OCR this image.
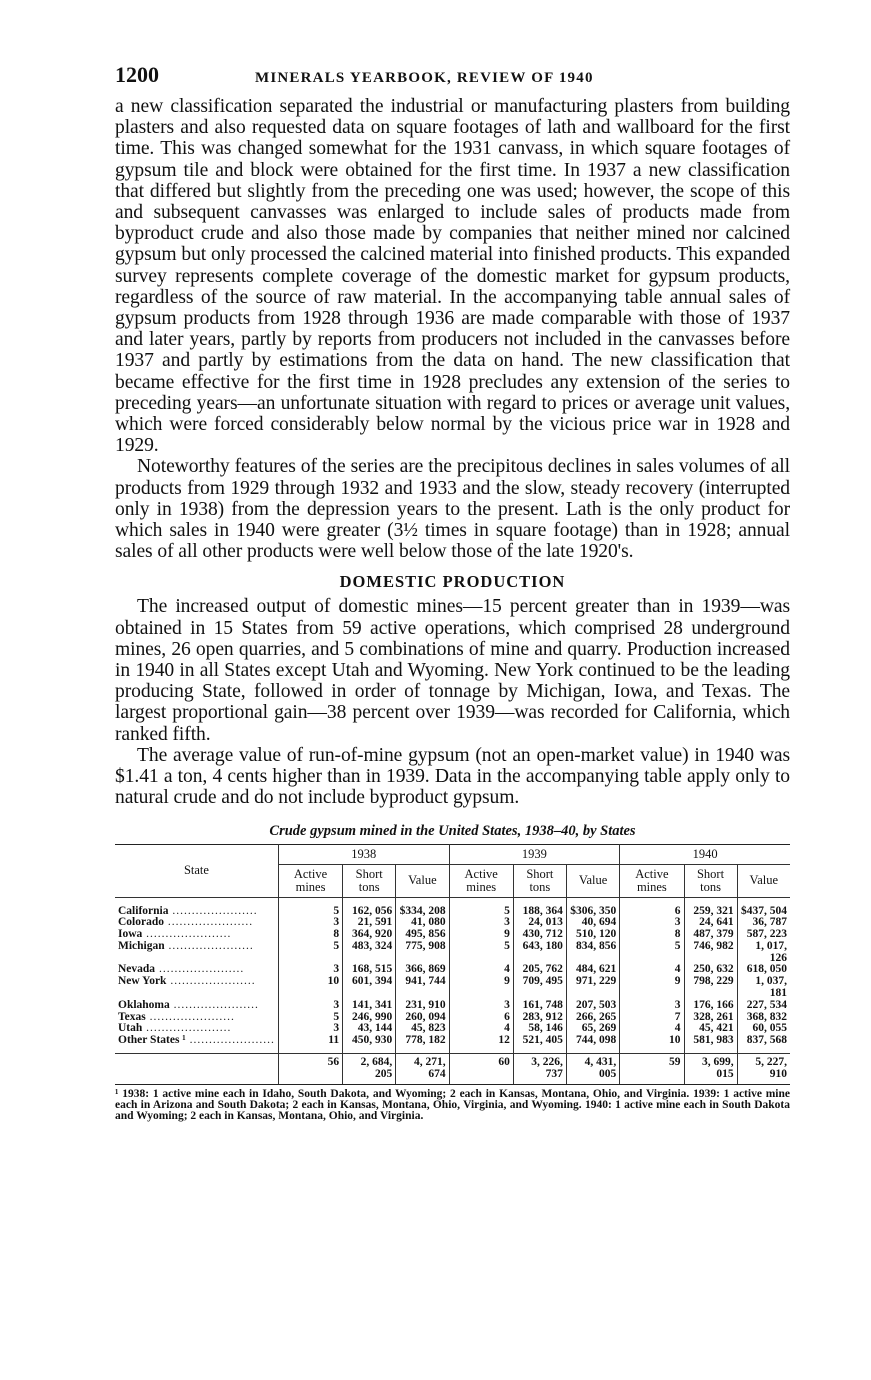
1200	MINERALS YEARBOOK, REVIEW OF 1940

a new classification separated the industrial or manufacturing plasters from building plasters and also requested data on square footages of lath and wallboard for the first time. This was changed somewhat for the 1931 canvass, in which square footages of gypsum tile and block were obtained for the first time. In 1937 a new classification that differed but slightly from the preceding one was used; however, the scope of this and subsequent canvasses was enlarged to include sales of products made from byproduct crude and also those made by companies that neither mined nor calcined gypsum but only processed the calcined material into finished products. This expanded survey represents complete coverage of the domestic market for gypsum products, regardless of the source of raw material. In the accompanying table annual sales of gypsum products from 1928 through 1936 are made comparable with those of 1937 and later years, partly by reports from producers not included in the canvasses before 1937 and partly by estimations from the data on hand. The new classification that became effective for the first time in 1928 precludes any extension of the series to preceding years—an unfortunate situation with regard to prices or average unit values, which were forced considerably below normal by the vicious price war in 1928 and 1929.

Noteworthy features of the series are the precipitous declines in sales volumes of all products from 1929 through 1932 and 1933 and the slow, steady recovery (interrupted only in 1938) from the depression years to the present. Lath is the only product for which sales in 1940 were greater (3½ times in square footage) than in 1928; annual sales of all other products were well below those of the late 1920's.

DOMESTIC PRODUCTION

The increased output of domestic mines—15 percent greater than in 1939—was obtained in 15 States from 59 active operations, which comprised 28 underground mines, 26 open quarries, and 5 combinations of mine and quarry. Production increased in 1940 in all States except Utah and Wyoming. New York continued to be the leading producing State, followed in order of tonnage by Michigan, Iowa, and Texas. The largest proportional gain—38 percent over 1939—was recorded for California, which ranked fifth.

The average value of run-of-mine gypsum (not an open-market value) in 1940 was $1.41 a ton, 4 cents higher than in 1939. Data in the accompanying table apply only to natural crude and do not include byproduct gypsum.

Crude gypsum mined in the United States, 1938–40, by States
State	1938			1939			1940		
	Active mines	Short tons	Value	Active mines	Short tons	Value	Active mines	Short tons	Value
California .....	5	162, 056	$334, 208	5	188, 364	$306, 350	6	259, 321	$437, 504
Colorado .....	3	21, 591	41, 080	3	24, 013	40, 694	3	24, 641	36, 787
Iowa .....	8	364, 920	495, 856	9	430, 712	510, 120	8	487, 379	587, 223
Michigan .....	5	483, 324	775, 908	5	643, 180	834, 856	5	746, 982	1, 017, 126
Nevada .....	3	168, 515	366, 869	4	205, 762	484, 621	4	250, 632	618, 050
New York .....	10	601, 394	941, 744	9	709, 495	971, 229	9	798, 229	1, 037, 181
Oklahoma .....	3	141, 341	231, 910	3	161, 748	207, 503	3	176, 166	227, 534
Texas .....	5	246, 990	260, 094	6	283, 912	266, 265	7	328, 261	368, 832
Utah .....	3	43, 144	45, 823	4	58, 146	65, 269	4	45, 421	60, 055
Other States ¹ .....	11	450, 930	778, 182	12	521, 405	744, 098	10	581, 983	837, 568
	56	2, 684, 205	4, 271, 674	60	3, 226, 737	4, 431, 005	59	3, 699, 015	5, 227, 910
¹ 1938: 1 active mine each in Idaho, South Dakota, and Wyoming; 2 each in Kansas, Montana, Ohio, and Virginia. 1939: 1 active mine each in Arizona and South Dakota; 2 each in Kansas, Montana, Ohio, Virginia, and Wyoming. 1940: 1 active mine each in South Dakota and Wyoming; 2 each in Kansas, Montana, Ohio, and Virginia.
